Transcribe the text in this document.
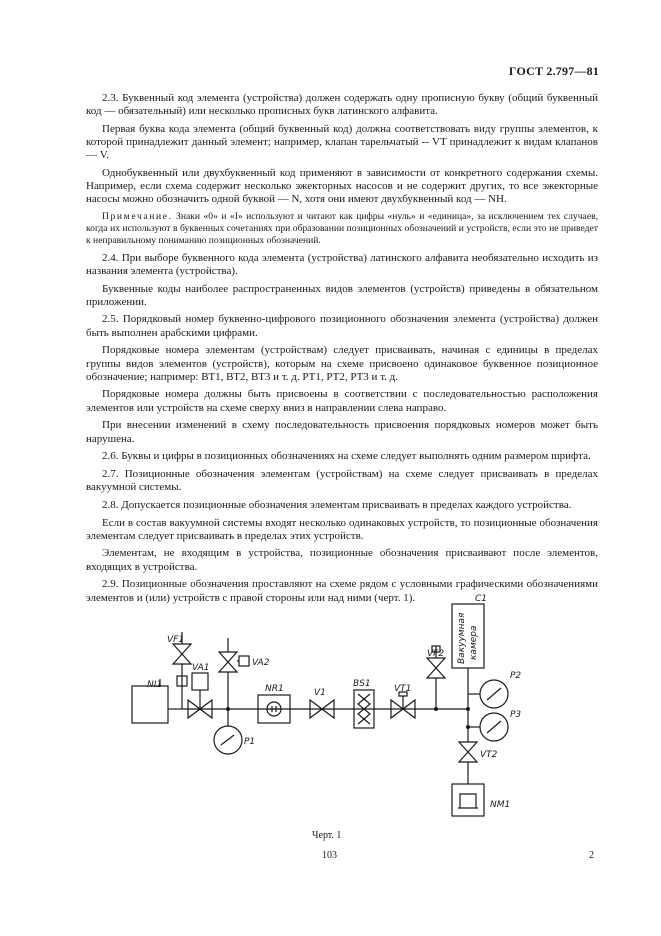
ГОСТ 2.797—81

2.3. Буквенный код элемента (устройства) должен содержать одну прописную букву (общий буквенный код — обязательный) или несколько прописных букв латинского алфавита.

Первая буква кода элемента (общий буквенный код) должна соответствовать виду группы элементов, к которой принадлежит данный элемент; например, клапан тарельчатый -- VT принадлежит к видам клапанов — V.

Однобуквенный или двухбуквенный код применяют в зависимости от конкретного содержания схемы. Например, если схема содержит несколько эжекторных насосов и не содержит других, то все эжекторные насосы можно обозначить одной буквой — N, хотя они имеют двухбуквенный код — NH.

Примечание. Знаки «0» и «I» используют и читают как цифры «нуль» и «единица», за исключением тех случаев, когда их используют в буквенных сочетаниях при образовании позиционных обозначений и устройств, если это не приведет к неправильному пониманию позиционных обозначений.

2.4. При выборе буквенного кода элемента (устройства) латинского алфавита необязательно исходить из названия элемента (устройства).

Буквенные коды наиболее распространенных видов элементов (устройств) приведены в обязательном приложении.

2.5. Порядковый номер буквенно-цифрового позиционного обозначения элемента (устройства) должен быть выполнен арабскими цифрами.

Порядковые номера элементам (устройствам) следует присваивать, начиная с единицы в пределах группы видов элементов (устройств), которым на схеме присвоено одинаковое буквенное позиционное обозначение; например: ВТ1, ВТ2, ВТ3 и т. д. РТ1, РТ2, РТ3 и т. д.

Порядковые номера должны быть присвоены в соответствии с последовательностью расположения элементов или устройств на схеме сверху вниз в направлении слева направо.

При внесении изменений в схему последовательность присвоения порядковых номеров может быть нарушена.

2.6. Буквы и цифры в позиционных обозначениях на схеме следует выполнять одним размером шрифта.

2.7. Позиционные обозначения элементам (устройствам) на схеме следует присваивать в пределах вакуумной системы.

2.8. Допускается позиционные обозначения элементам присваивать в пределах каждого устройства.

Если в состав вакуумной системы входят несколько одинаковых устройств, то позиционные обозначения элементам следует присваивать в пределах этих устройств.

Элементам, не входящим в устройства, позиционные обозначения присваивают после элементов, входящих в устройства.

2.9. Позиционные обозначения проставляют на схеме рядом с условными графическими обозначениями элементов и (или) устройств с правой стороны или над ними (черт. 1).

VF1
VA1	VA2
NI1	NR1
P1
V1
BS1	VT1
VF2
C1
Вакуумная камера
P2
P3
VT2
NM1
Черт. 1
103	2
